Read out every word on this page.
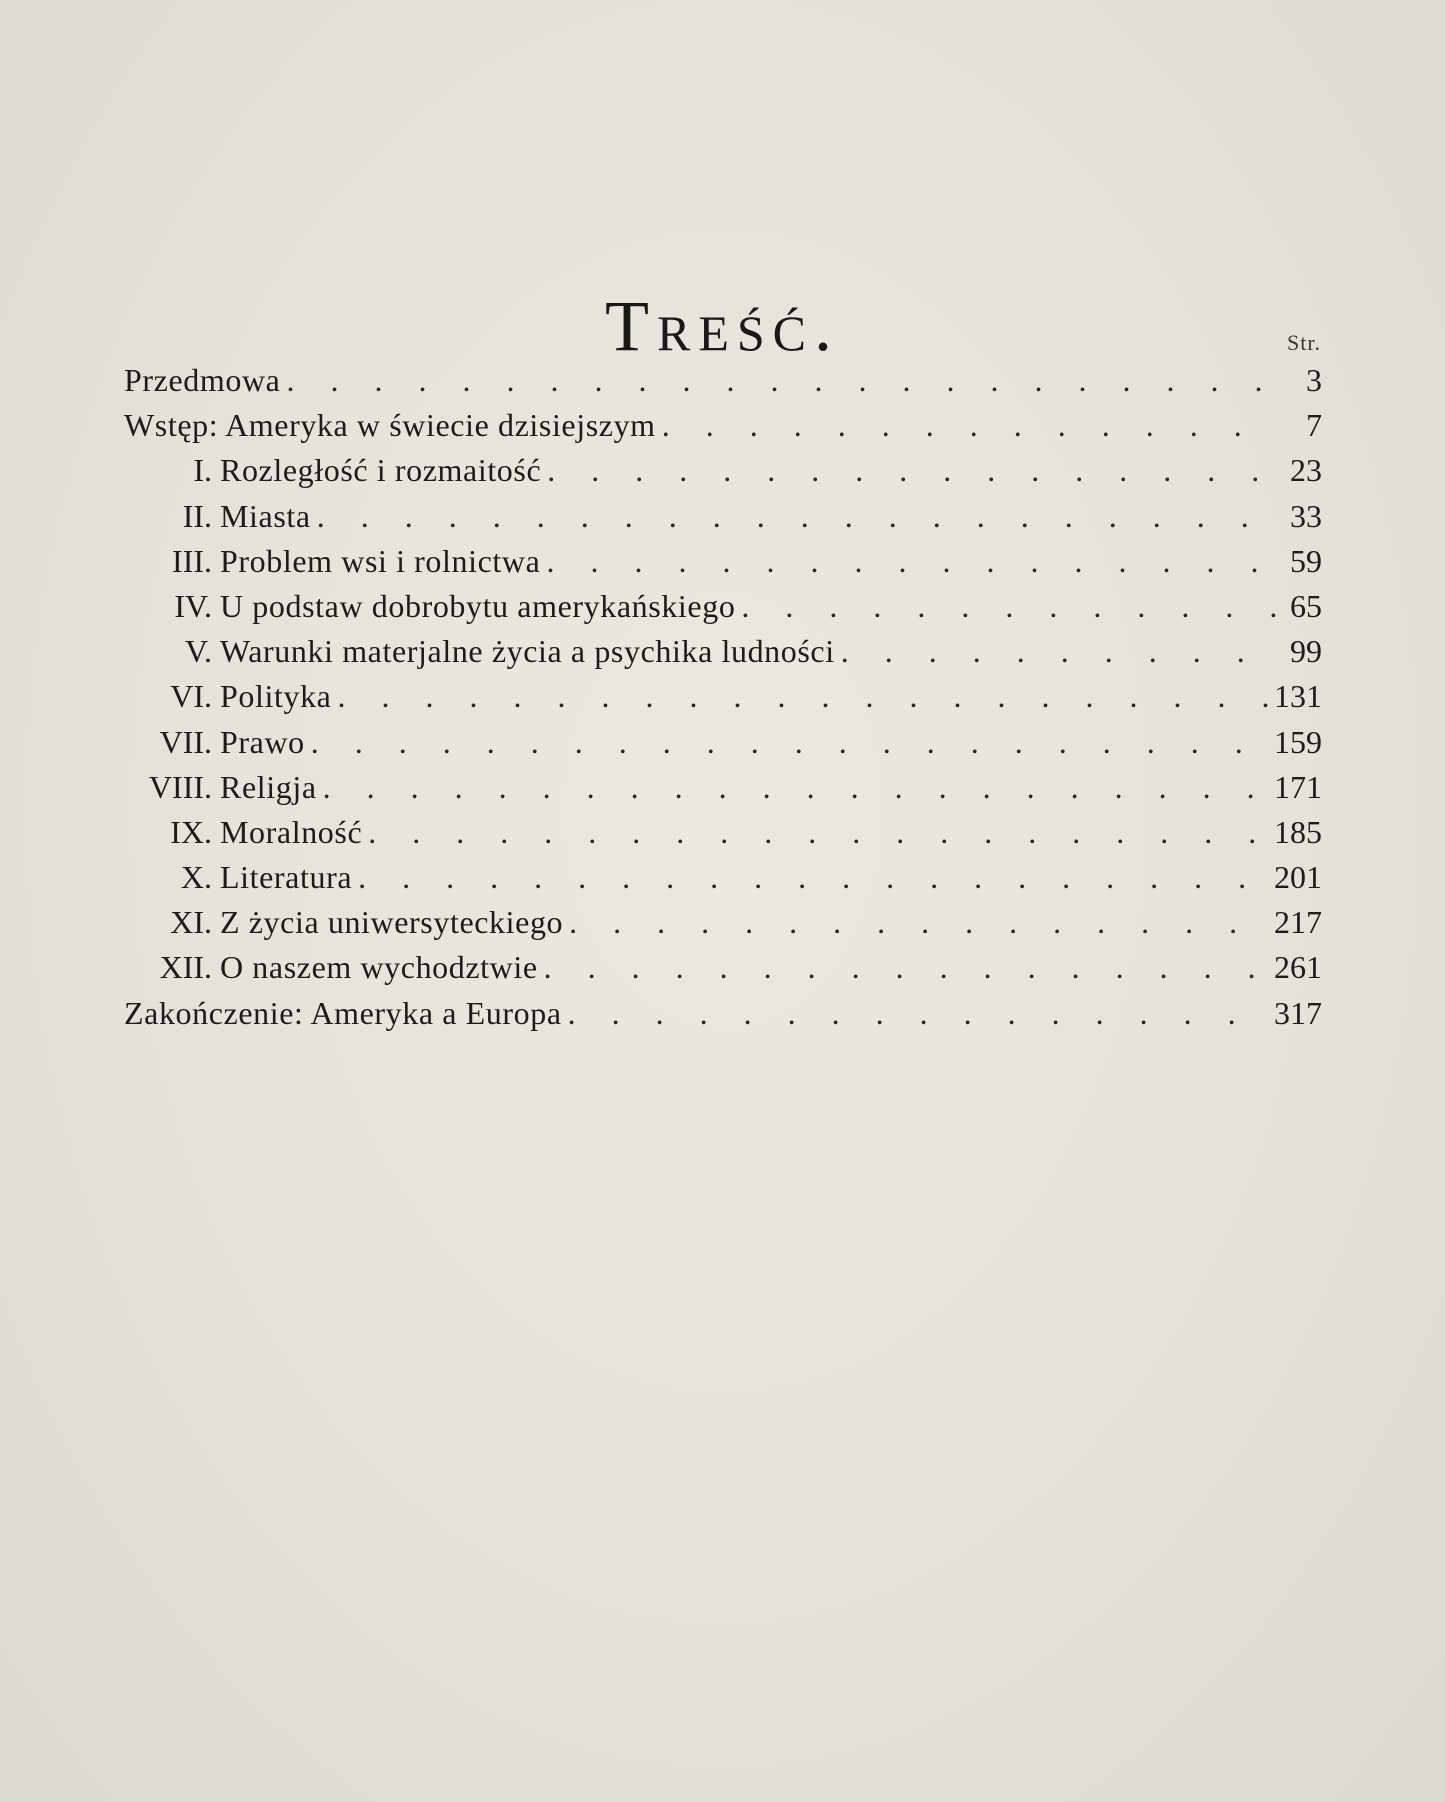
Treść.	Str.
Przedmowa . . .	3
Wstęp: Ameryka w świecie dzisiejszym . . .	7
I. Rozległość i rozmaitość . . .	23
II. Miasta . . .	33
III. Problem wsi i rolnictwa . . .	59
IV. U podstaw dobrobytu amerykańskiego . . .	65
V. Warunki materjalne życia a psychika ludności . . .	99
VI. Polityka . . .	131
VII. Prawo . . .	159
VIII. Religja . . .	171
IX. Moralność . . .	185
X. Literatura . . .	201
XI. Z życia uniwersyteckiego . . .	217
XII. O naszem wychodztwie . . .	261
Zakończenie: Ameryka a Europa . . .	317
